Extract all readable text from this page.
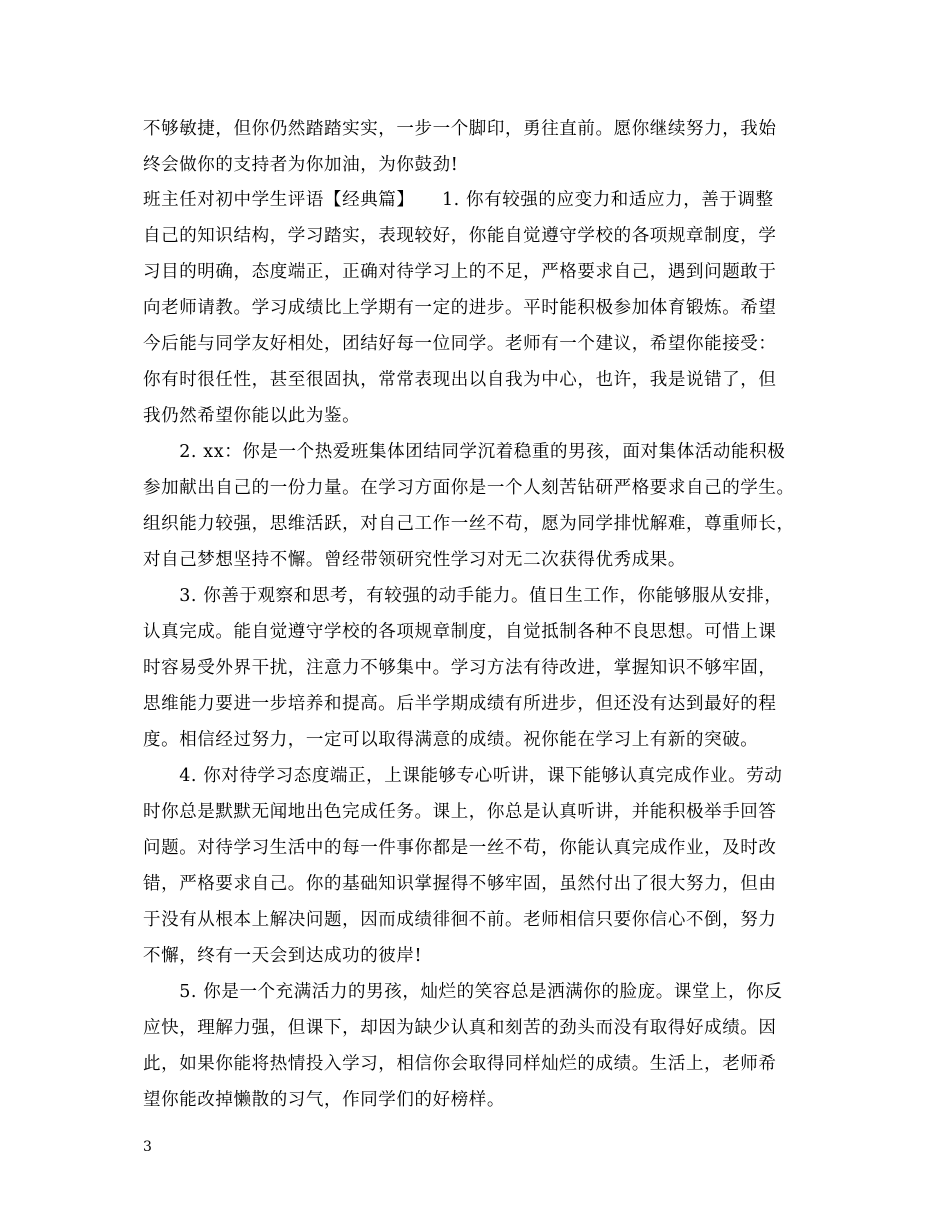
不够敏捷，但你仍然踏踏实实，一步一个脚印，勇往直前。愿你继续努力，我始
终会做你的支持者为你加油，为你鼓劲!
班主任对初中学生评语【经典篇】　　1. 你有较强的应变力和适应力，善于调整
自己的知识结构，学习踏实，表现较好，你能自觉遵守学校的各项规章制度，学
习目的明确，态度端正，正确对待学习上的不足，严格要求自己，遇到问题敢于
向老师请教。学习成绩比上学期有一定的进步。平时能积极参加体育锻炼。希望
今后能与同学友好相处，团结好每一位同学。老师有一个建议，希望你能接受：
你有时很任性，甚至很固执，常常表现出以自我为中心，也许，我是说错了，但
我仍然希望你能以此为鉴。
　　2. xx：你是一个热爱班集体团结同学沉着稳重的男孩，面对集体活动能积极
参加献出自己的一份力量。在学习方面你是一个人刻苦钻研严格要求自己的学生。
组织能力较强，思维活跃，对自己工作一丝不苟，愿为同学排忧解难，尊重师长，
对自己梦想坚持不懈。曾经带领研究性学习对无二次获得优秀成果。
　　3. 你善于观察和思考，有较强的动手能力。值日生工作，你能够服从安排，
认真完成。能自觉遵守学校的各项规章制度，自觉抵制各种不良思想。可惜上课
时容易受外界干扰，注意力不够集中。学习方法有待改进，掌握知识不够牢固，
思维能力要进一步培养和提高。后半学期成绩有所进步，但还没有达到最好的程
度。相信经过努力，一定可以取得满意的成绩。祝你能在学习上有新的突破。
　　4. 你对待学习态度端正，上课能够专心听讲，课下能够认真完成作业。劳动
时你总是默默无闻地出色完成任务。课上，你总是认真听讲，并能积极举手回答
问题。对待学习生活中的每一件事你都是一丝不苟，你能认真完成作业，及时改
错，严格要求自己。你的基础知识掌握得不够牢固，虽然付出了很大努力，但由
于没有从根本上解决问题，因而成绩徘徊不前。老师相信只要你信心不倒，努力
不懈，终有一天会到达成功的彼岸!
　　5. 你是一个充满活力的男孩，灿烂的笑容总是洒满你的脸庞。课堂上，你反
应快，理解力强，但课下，却因为缺少认真和刻苦的劲头而没有取得好成绩。因
此，如果你能将热情投入学习，相信你会取得同样灿烂的成绩。生活上，老师希
望你能改掉懒散的习气，作同学们的好榜样。
3
